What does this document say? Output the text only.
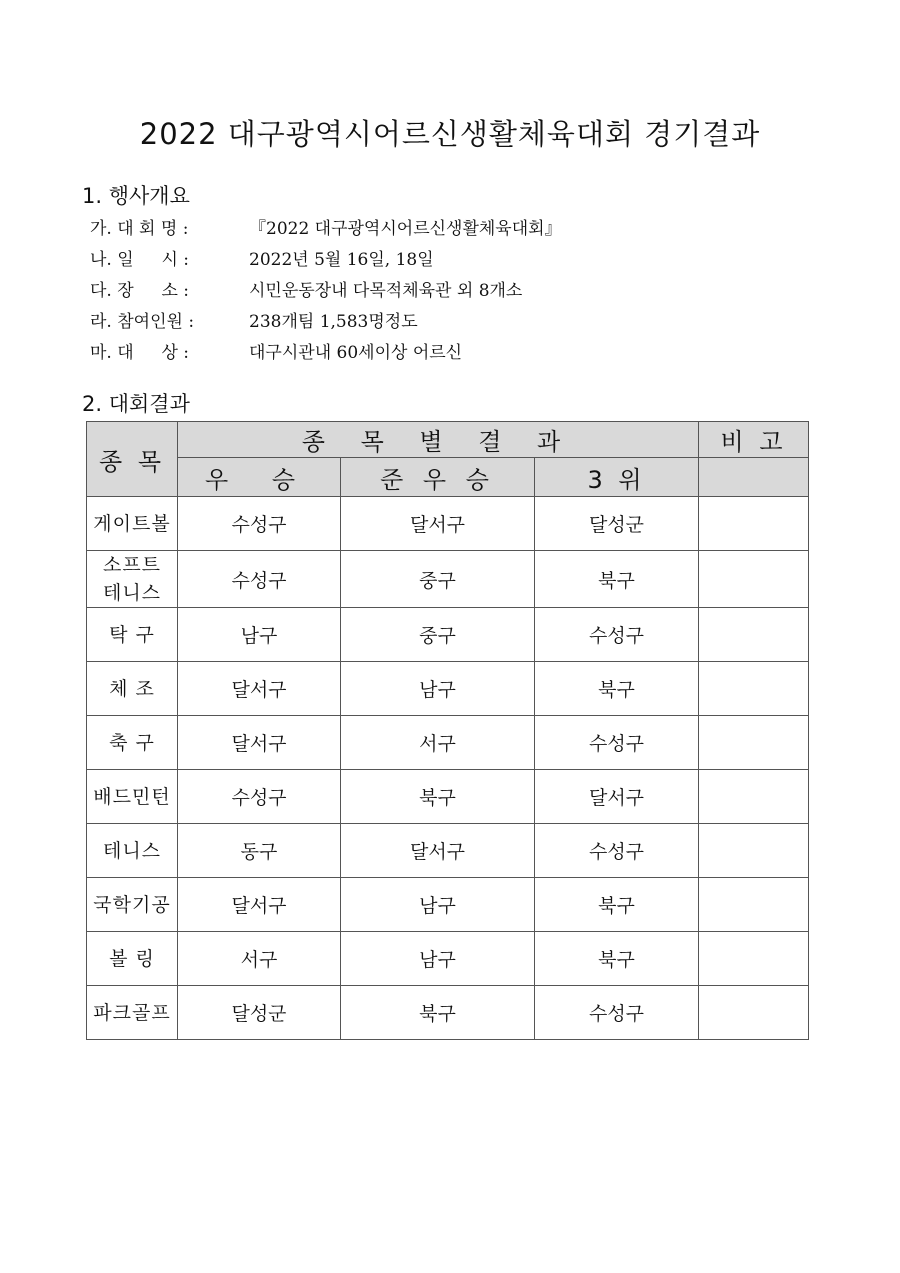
2022 대구광역시어르신생활체육대회 경기결과
1. 행사개요
가. 대 회 명 :	『2022 대구광역시어르신생활체육대회』
나. 일 　 시 :	2022년 5월 16일, 18일
다. 장 　 소 :	시민운동장내 다목적체육관 외 8개소
라. 참여인원 :	238개팀 1,583명정도
마. 대 　 상 :	대구시관내 60세이상 어르신
2. 대회결과
종 목	종 목 별 결 과			비 고
	우 승	준 우 승	3 위	
게이트볼	수성구	달서구	달성군	

소프트
테니스	수성구	중구	북구	
탁 구	남구	중구	수성구	
체 조	달서구	남구	북구	
축 구	달서구	서구	수성구	
배드민턴	수성구	북구	달서구	
테니스	동구	달서구	수성구	
국학기공	달서구	남구	북구	
볼 링	서구	남구	북구	
파크골프	달성군	북구	수성구	
